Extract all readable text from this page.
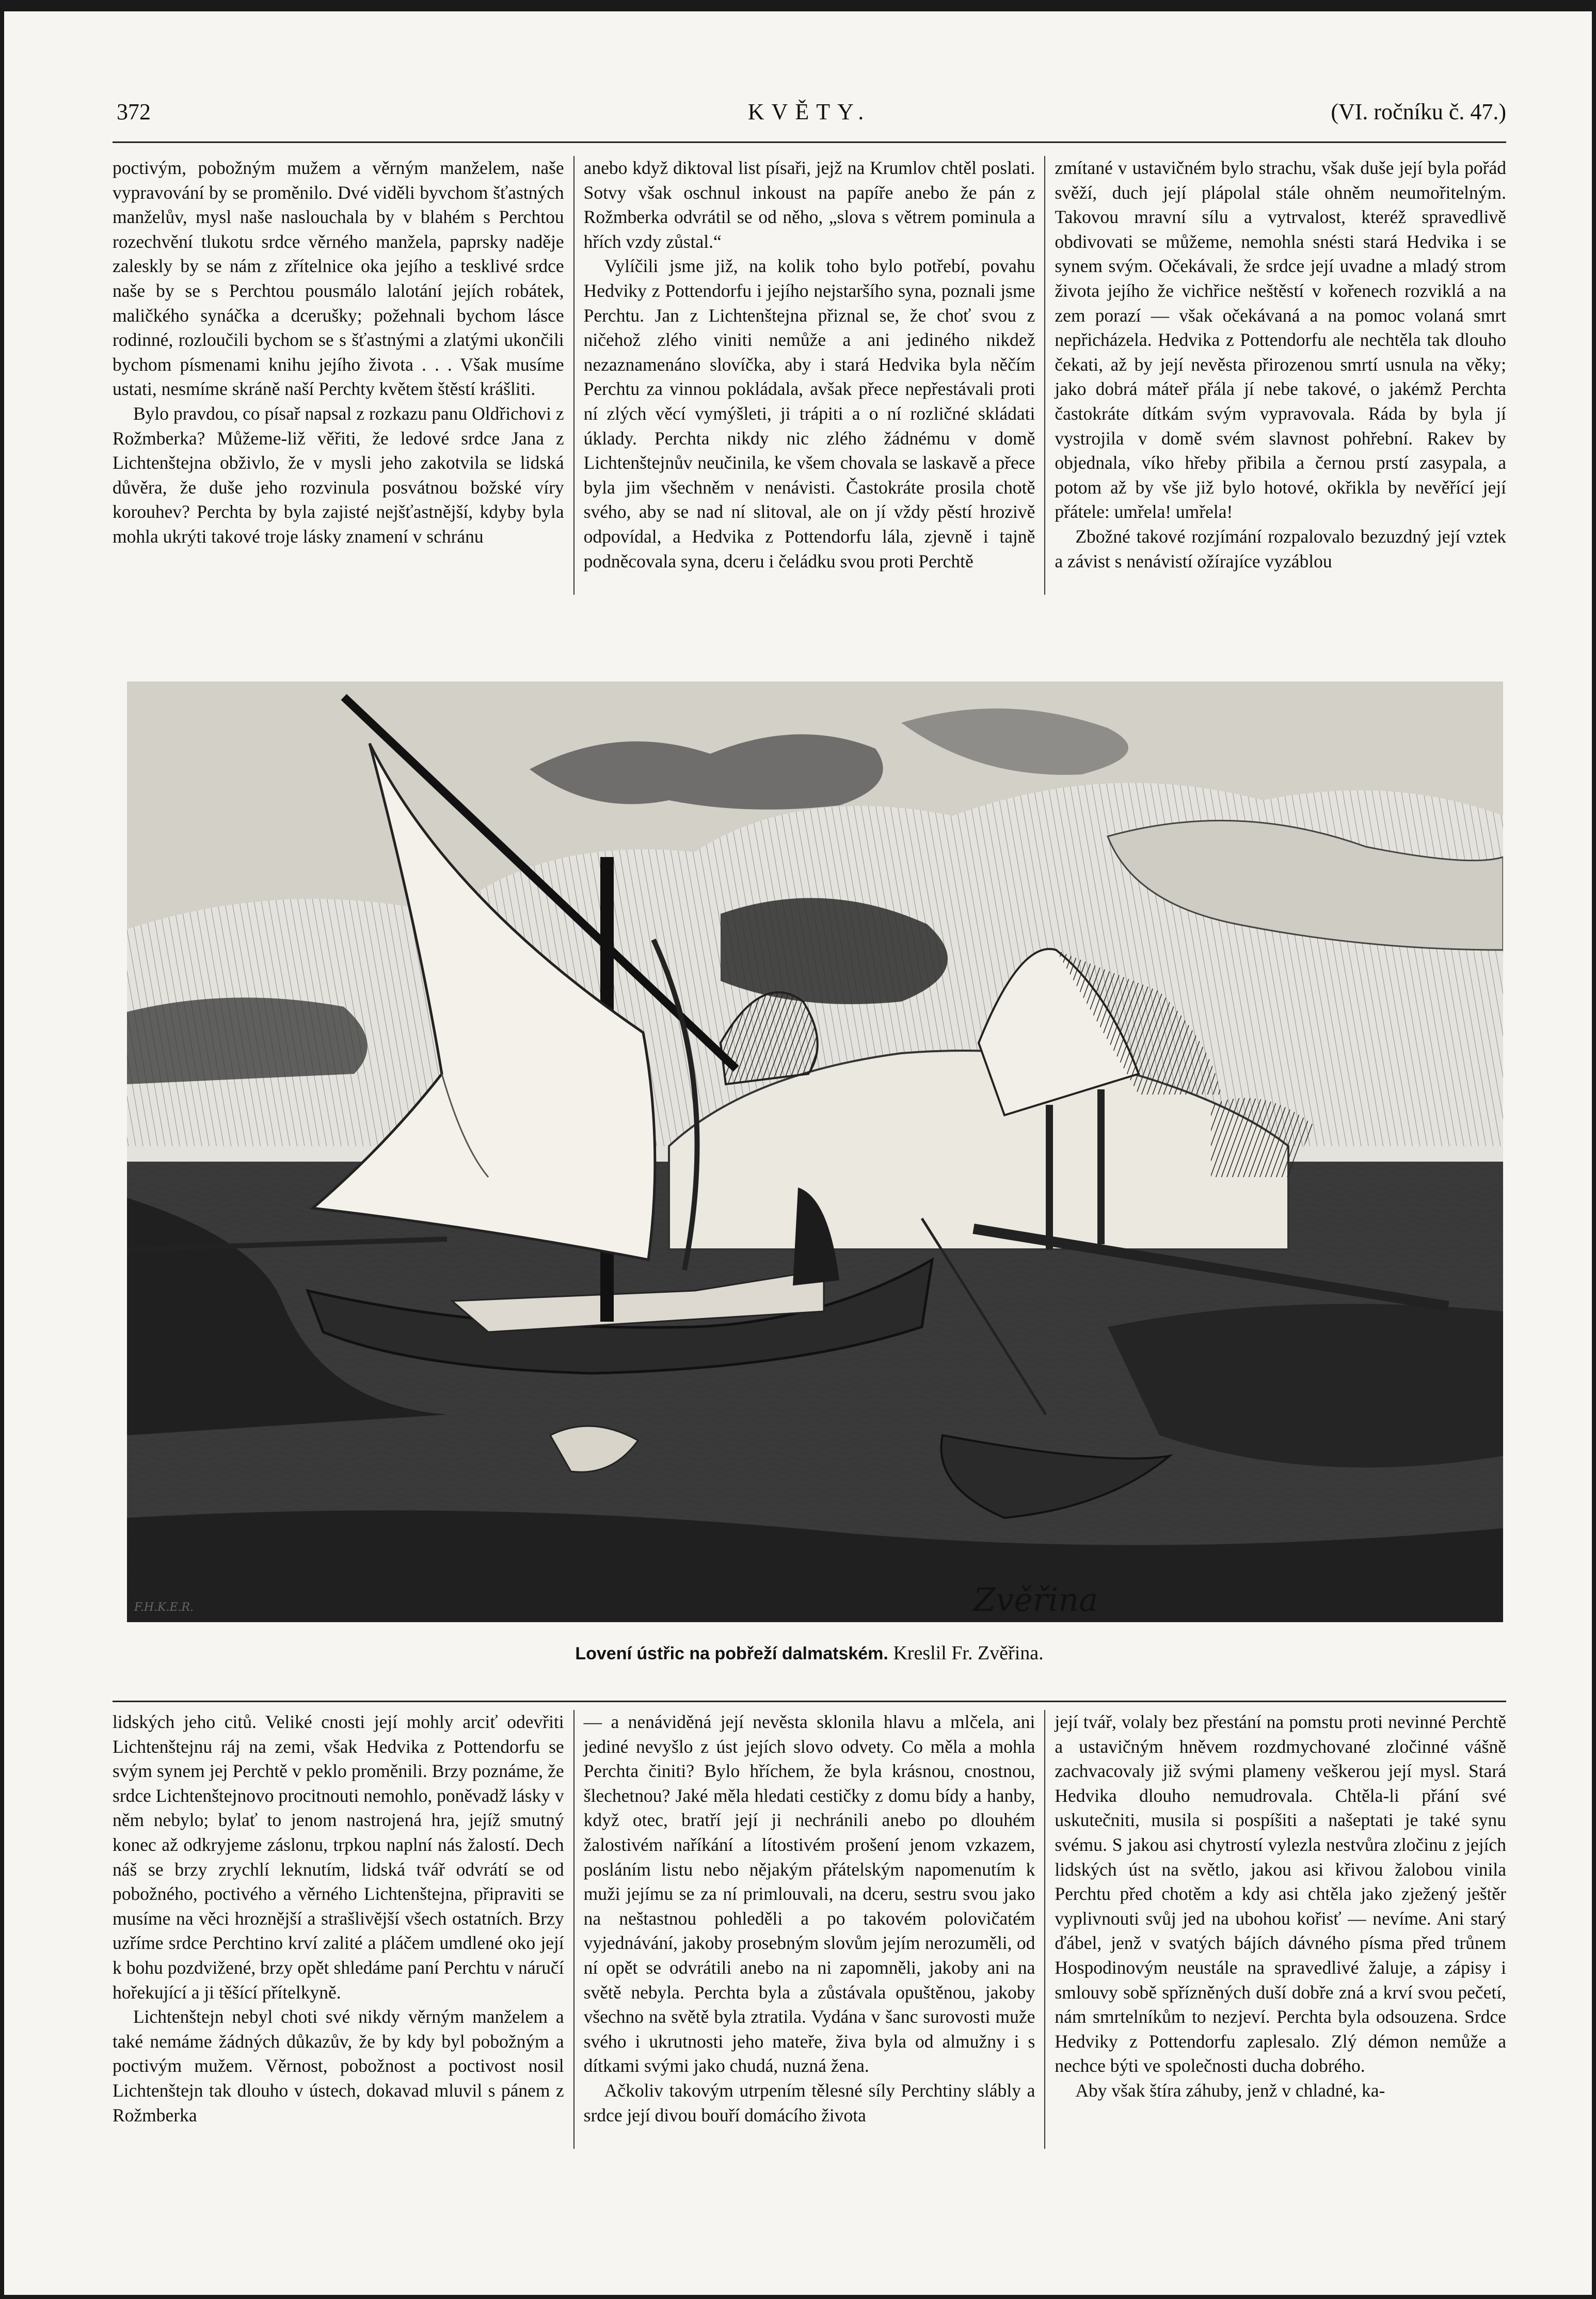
372	KVĚTY.	(VI. ročníku č. 47.)

poctivým, pobožným mužem a věrným manželem, naše vypravování by se proměnilo. Dvé viděli byvchom šťastných manželův, mysl naše naslouchala by v blahém s Perchtou rozechvění tlukotu srdce věrného manžela, paprsky naděje zaleskly by se nám z zřítelnice oka jejího a tesklivé srdce naše by se s Perchtou pousmálo lalotání jejích robátek, maličkého synáčka a dcerušky; požehnali bychom lásce rodinné, rozloučili bychom se s šťastnými a zlatými ukončili bychom písmenami knihu jejího života . . . Však musíme ustati, nesmíme skráně naší Perchty květem štěstí krášliti.

Bylo pravdou, co písař napsal z rozkazu panu Oldřichovi z Rožmberka? Můžeme-liž věřiti, že ledové srdce Jana z Lichtenštejna obživlo, že v mysli jeho zakotvila se lidská důvěra, že duše jeho rozvinula posvátnou božské víry korouhev? Perchta by byla zajisté nejšťastnější, kdyby byla mohla ukrýti takové troje lásky znamení v schránu

anebo když diktoval list písaři, jejž na Krumlov chtěl poslati. Sotvy však oschnul inkoust na papíře anebo že pán z Rožmberka odvrátil se od něho, „slova s větrem pominula a hřích vzdy zůstal.“

Vylíčili jsme již, na kolik toho bylo potřebí, povahu Hedviky z Pottendorfu i jejího nejstaršího syna, poznali jsme Perchtu. Jan z Lichtenštejna přiznal se, že choť svou z ničehož zlého viniti nemůže a ani jediného nikdež nezaznamenáno slovíčka, aby i stará Hedvika byla něčím Perchtu za vinnou pokládala, avšak přece nepřestávali proti ní zlých věcí vymýšleti, ji trápiti a o ní rozličné skládati úklady. Perchta nikdy nic zlého žádnému v domě Lichtenštejnův neučinila, ke všem chovala se laskavě a přece byla jim všechněm v nenávisti. Častokráte prosila chotě svého, aby se nad ní slitoval, ale on jí vždy pěstí hrozivě odpovídal, a Hedvika z Pottendorfu lála, zjevně i tajně podněcovala syna, dceru i čeládku svou proti Perchtě

zmítané v ustavičném bylo strachu, však duše její byla pořád svěží, duch její plápolal stále ohněm neumořitelným. Takovou mravní sílu a vytrvalost, kteréž spravedlivě obdivovati se můžeme, nemohla snésti stará Hedvika i se synem svým. Očekávali, že srdce její uvadne a mladý strom života jejího že vichřice neštěstí v kořenech rozviklá a na zem porazí — však očekávaná a na pomoc volaná smrt nepřicházela. Hedvika z Pottendorfu ale nechtěla tak dlouho čekati, až by její nevěsta přirozenou smrtí usnula na věky; jako dobrá máteř přála jí nebe takové, o jakémž Perchta častokráte dítkám svým vypravovala. Ráda by byla jí vystrojila v domě svém slavnost pohřební. Rakev by objednala, víko hřeby přibila a černou prstí zasypala, a potom až by vše již bylo hotové, okřikla by nevěřící její přátele: umřela! umřela!

Zbožné takové rozjímání rozpalovalo bezuzdný její vztek a závist s nenávistí ožírajíce vyzáblou

Zvěřina
F.H.K.E.R.
Lovení ústřic na pobřeží dalmatském. Kreslil Fr. Zvěřina.

lidských jeho citů. Veliké cnosti její mohly arciť odevřiti Lichtenštejnu ráj na zemi, však Hedvika z Pottendorfu se svým synem jej Perchtě v peklo proměnili. Brzy poznáme, že srdce Lichtenštejnovo procitnouti nemohlo, poněvadž lásky v něm nebylo; bylať to jenom nastrojená hra, jejíž smutný konec až odkryjeme záslonu, trpkou naplní nás žalostí. Dech náš se brzy zrychlí leknutím, lidská tvář odvrátí se od pobožného, poctivého a věrného Lichtenštejna, připraviti se musíme na věci hroznější a strašlivější všech ostatních. Brzy uzříme srdce Perchtino krví zalité a pláčem umdlené oko její k bohu pozdvižené, brzy opět shledáme paní Perchtu v náručí hořekující a ji těšící přítelkyně.

Lichtenštejn nebyl choti své nikdy věrným manželem a také nemáme žádných důkazův, že by kdy byl pobožným a poctivým mužem. Věrnost, pobožnost a poctivost nosil Lichtenštejn tak dlouho v ústech, dokavad mluvil s pánem z Rožmberka

— a nenáviděná její nevěsta sklonila hlavu a mlčela, ani jediné nevyšlo z úst jejích slovo odvety. Co měla a mohla Perchta činiti? Bylo hříchem, že byla krásnou, cnostnou, šlechetnou? Jaké měla hledati cestičky z domu bídy a hanby, když otec, bratří její ji nechránili anebo po dlouhém žalostivém naříkání a lítostivém prošení jenom vzkazem, posláním listu nebo nějakým přátelským napomenutím k muži jejímu se za ní primlouvali, na dceru, sestru svou jako na neštastnou pohleděli a po takovém polovičatém vyjednávání, jakoby prosebným slovům jejím nerozuměli, od ní opět se odvrátili anebo na ni zapomněli, jakoby ani na světě nebyla. Perchta byla a zůstávala opuštěnou, jakoby všechno na světě byla ztratila. Vydána v šanc surovosti muže svého i ukrutnosti jeho mateře, živa byla od almužny i s dítkami svými jako chudá, nuzná žena.

Ačkoliv takovým utrpením tělesné síly Perchtiny slábly a srdce její divou bouří domácího života

její tvář, volaly bez přestání na pomstu proti nevinné Perchtě a ustavičným hněvem rozdmychované zločinné vášně zachvacovaly již svými plameny veškerou její mysl. Stará Hedvika dlouho nemudrovala. Chtěla-li přání své uskutečniti, musila si pospíšiti a našeptati je také synu svému. S jakou asi chytrostí vylezla nestvůra zločinu z jejích lidských úst na světlo, jakou asi křivou žalobou vinila Perchtu před chotěm a kdy asi chtěla jako zježený ještěr vyplivnouti svůj jed na ubohou kořisť — nevíme. Ani starý ďábel, jenž v svatých bájích dávného písma před trůnem Hospodinovým neustále na spravedlivé žaluje, a zápisy i smlouvy sobě spřízněných duší dobře zná a krví svou pečetí, nám smrtelníkům to nezjeví. Perchta byla odsouzena. Srdce Hedviky z Pottendorfu zaplesalo. Zlý démon nemůže a nechce býti ve společnosti ducha dobrého.

Aby však štíra záhuby, jenž v chladné, ka-
